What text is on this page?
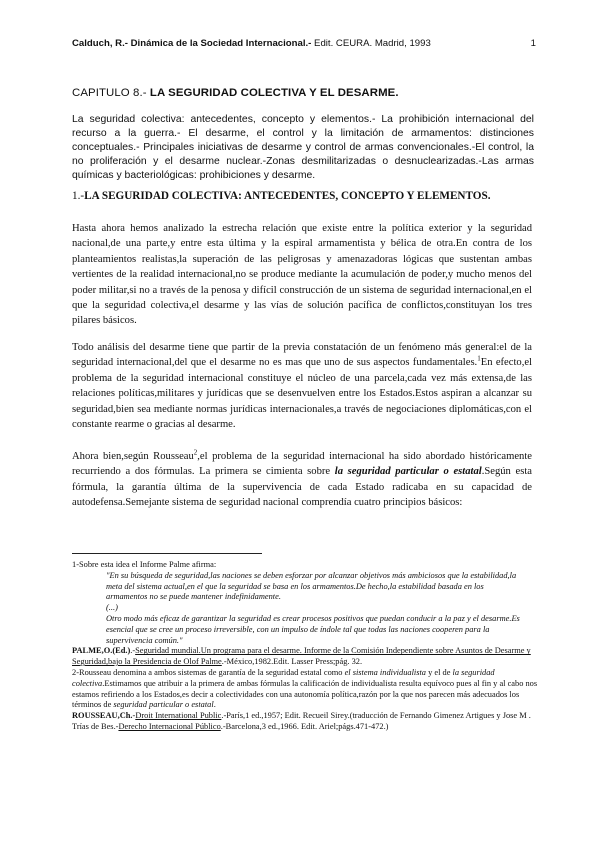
Calduch, R.- Dinámica de la Sociedad Internacional.- Edit. CEURA. Madrid, 1993	1
CAPITULO 8.- LA SEGURIDAD COLECTIVA Y EL DESARME.
La seguridad colectiva: antecedentes, concepto y elementos.- La prohibición internacional del recurso a la guerra.- El desarme, el control y la limitación de armamentos: distinciones conceptuales.- Principales iniciativas de desarme y control de armas convencionales.-El control, la no proliferación y el desarme nuclear.-Zonas desmilitarizadas o desnuclearizadas.-Las armas químicas y bacteriológicas: prohibiciones y desarme.
1.-LA SEGURIDAD COLECTIVA: ANTECEDENTES, CONCEPTO Y ELEMENTOS.
Hasta ahora hemos analizado la estrecha relación que existe entre la política exterior y la seguridad nacional,de una parte,y entre esta última y la espiral armamentista y bélica de otra.En contra de los planteamientos realistas,la superación de las peligrosas y amenazadoras lógicas que sustentan ambas vertientes de la realidad internacional,no se produce mediante la acumulación de poder,y mucho menos del poder militar,si no a través de la penosa y difícil construcción de un sistema de seguridad internacional,en el que la seguridad colectiva,el desarme y las vías de solución pacífica de conflictos,constituyan los tres pilares básicos.
Todo análisis del desarme tiene que partir de la previa constatación de un fenómeno más general:el de la seguridad internacional,del que el desarme no es mas que uno de sus aspectos fundamentales.$^1$En efecto,el problema de la seguridad internacional constituye el núcleo de una parcela,cada vez más extensa,de las relaciones políticas,militares y jurídicas que se desenvuelven entre los Estados.Estos aspiran a alcanzar su seguridad,bien sea mediante normas jurídicas internacionales,a través de negociaciones diplomáticas,con el constante rearme o gracias al desarme.
Ahora bien,según Rousseau$^2$,el problema de la seguridad internacional ha sido abordado históricamente recurriendo a dos fórmulas. La primera se cimienta sobre la seguridad particular o estatal.Según esta fórmula, la garantía última de la supervivencia de cada Estado radicaba en su capacidad de autodefensa.Semejante sistema de seguridad nacional comprendía cuatro principios básicos:
1-Sobre esta idea el Informe Palme afirma:
"En su búsqueda de seguridad,las naciones se deben esforzar por alcanzar objetivos más ambiciosos que la estabilidad,la meta del sistema actual,en el que la seguridad se basa en los armamentos.De hecho,la estabilidad basada en los armamentos no se puede mantener indefinidamente.
(...)
Otro modo más eficaz de garantizar la seguridad es crear procesos positivos que puedan conducir a la paz y el desarme.Es esencial que se cree un proceso irreversible, con un impulso de índole tal que todas las naciones cooperen para la supervivencia común."
PALME,O.(Ed.).-Seguridad mundial.Un programa para el desarme. Informe de la Comisión Independiente sobre Asuntos de Desarme y Seguridad,bajo la Presidencia de Olof Palme.-México,1982.Edit. Lasser Press;pág. 32.
2-Rousseau denomina a ambos sistemas de garantía de la seguridad estatal como el sistema individualista y el de la seguridad colectiva.Estimamos que atribuir a la primera de ambas fórmulas la calificación de individualista resulta equívoco pues al fin y al cabo nos estamos refiriendo a los Estados,es decir a colectividades con una autonomía política,razón por la que nos parecen más adecuados los términos de seguridad particular o estatal.
ROUSSEAU,Ch.-Droit International Public.-París,1 ed.,1957; Edit. Recueil Sirey.(traducción de Fernando Gimenez Artigues y Jose M . Trías de Bes.-Derecho Internacional Público.-Barcelona,3 ed.,1966. Edit. Ariel;págs.471-472.)
